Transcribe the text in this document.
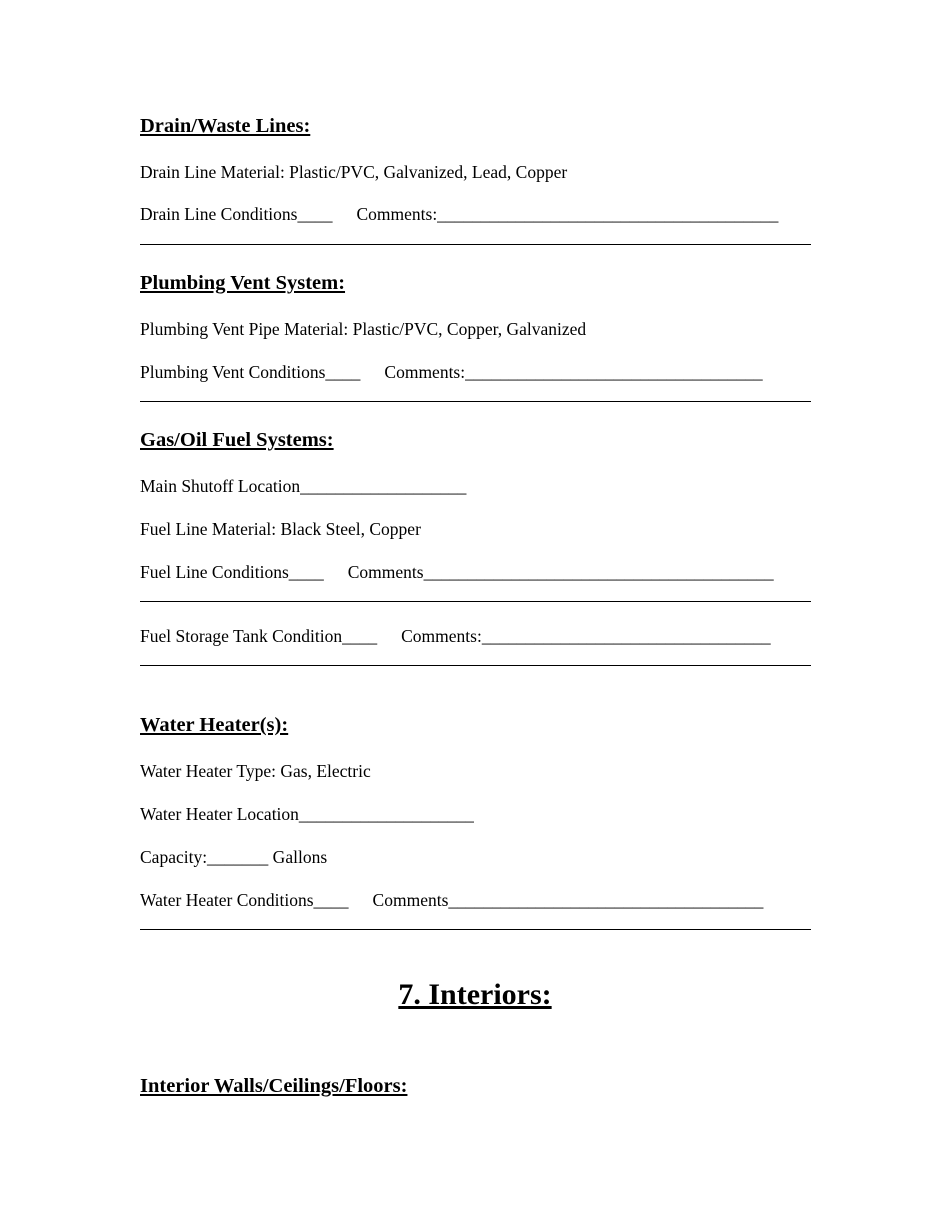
Drain/Waste Lines:
Drain Line Material: Plastic/PVC, Galvanized, Lead, Copper
Drain Line Conditions____ Comments:_______________________________________
Plumbing Vent System:
Plumbing Vent Pipe Material: Plastic/PVC, Copper, Galvanized
Plumbing Vent Conditions____ Comments:__________________________________
Gas/Oil Fuel Systems:
Main Shutoff Location___________________
Fuel Line Material: Black Steel, Copper
Fuel Line Conditions____ Comments________________________________________
Fuel Storage Tank Condition____ Comments:_________________________________
Water Heater(s):
Water Heater Type: Gas, Electric
Water Heater Location____________________
Capacity:_______ Gallons
Water Heater Conditions____ Comments____________________________________
7. Interiors:
Interior Walls/Ceilings/Floors:
